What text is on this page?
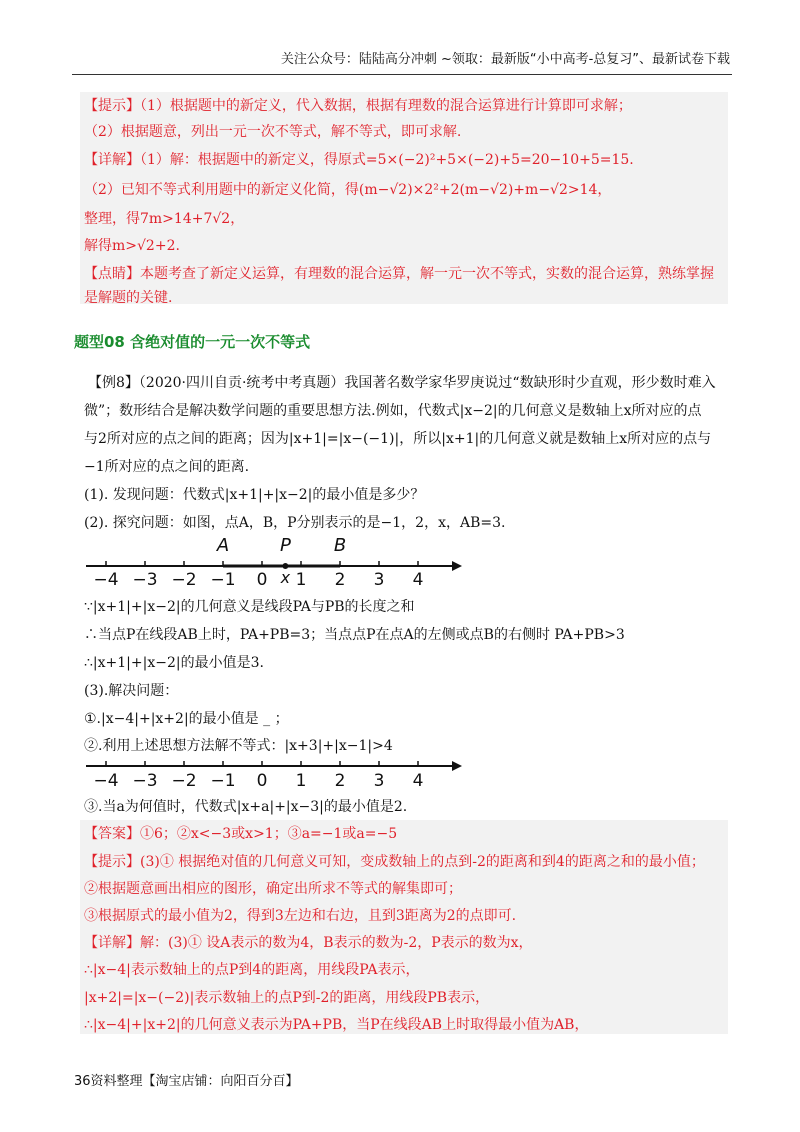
关注公众号：陆陆高分冲刺 ~领取：最新版“小中高考-总复习”、最新试卷下载
【提示】（1）根据题中的新定义，代入数据，根据有理数的混合运算进行计算即可求解；
（2）根据题意，列出一元一次不等式，解不等式，即可求解.
【详解】（1）解：根据题中的新定义，得原式=5×(−2)²+5×(−2)+5=20−10+5=15.
（2）已知不等式利用题中的新定义化简，得(m−√2)×2²+2(m−√2)+m−√2>14，
整理，得7m>14+7√2，
解得m>√2+2.
【点睛】本题考查了新定义运算，有理数的混合运算，解一元一次不等式，实数的混合运算，熟练掌握
是解题的关键.
题型08 含绝对值的一元一次不等式
【例8】（2020·四川自贡·统考中考真题）我国著名数学家华罗庚说过“数缺形时少直观，形少数时难入
微”；数形结合是解决数学问题的重要思想方法.例如，代数式|x−2|的几何意义是数轴上x所对应的点
与2所对应的点之间的距离；因为|x+1|=|x−(−1)|，所以|x+1|的几何意义就是数轴上x所对应的点与
−1所对应的点之间的距离.
(1). 发现问题：代数式|x+1|+|x−2|的最小值是多少？
(2). 探究问题：如图，点A，B，P分别表示的是−1，2，x，AB=3.
−4 −3 −2 −1 0 1 2 3 4
A	P
x
B
∵|x+1|+|x−2|的几何意义是线段PA与PB的长度之和
∴当点P在线段AB上时，PA+PB=3；当点点P在点A的左侧或点B的右侧时 PA+PB>3
∴|x+1|+|x−2|的最小值是3.
(3).解决问题：
①.|x−4|+|x+2|的最小值是 _ ；
②.利用上述思想方法解不等式：|x+3|+|x−1|>4
−4 −3 −2 −1 0 1 2 3 4
③.当a为何值时，代数式|x+a|+|x−3|的最小值是2.
【答案】①6；②x<−3或x>1；③a=−1或a=−5
【提示】(3)① 根据绝对值的几何意义可知，变成数轴上的点到-2的距离和到4的距离之和的最小值；
②根据题意画出相应的图形，确定出所求不等式的解集即可；
③根据原式的最小值为2，得到3左边和右边，且到3距离为2的点即可.
【详解】解：(3)① 设A表示的数为4，B表示的数为-2，P表示的数为x，
∴|x−4|表示数轴上的点P到4的距离，用线段PA表示，
|x+2|=|x−(−2)|表示数轴上的点P到-2的距离，用线段PB表示，
∴|x−4|+|x+2|的几何意义表示为PA+PB，当P在线段AB上时取得最小值为AB，
36资料整理【淘宝店铺：向阳百分百】
